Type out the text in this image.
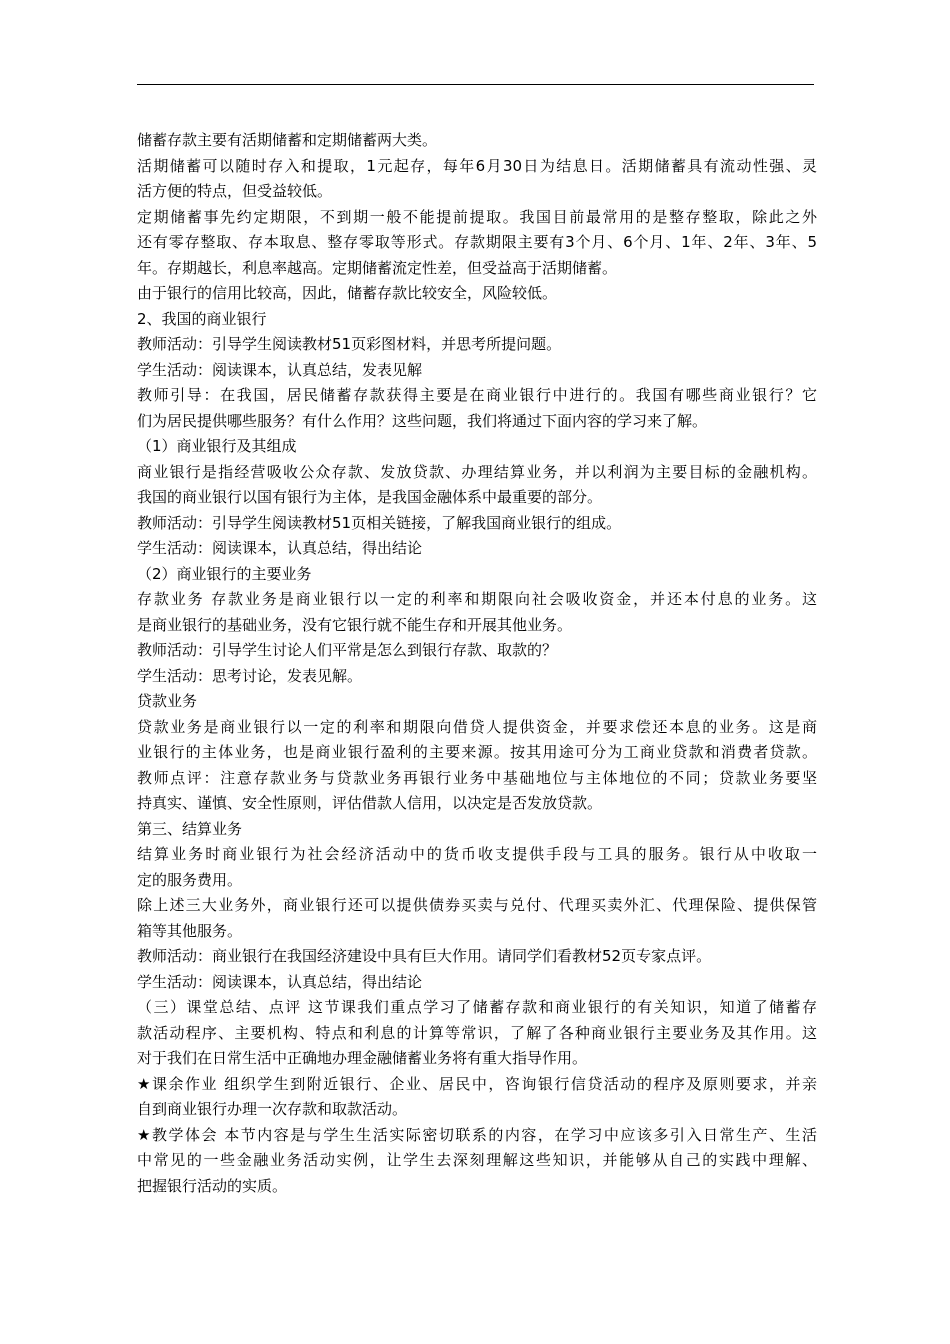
储蓄存款主要有活期储蓄和定期储蓄两大类。
活期储蓄可以随时存入和提取，1元起存，每年6月30日为结息日。活期储蓄具有流动性强、灵
活方便的特点，但受益较低。
定期储蓄事先约定期限，不到期一般不能提前提取。我国目前最常用的是整存整取，除此之外
还有零存整取、存本取息、整存零取等形式。存款期限主要有3个月、6个月、1年、2年、3年、5
年。存期越长，利息率越高。定期储蓄流定性差，但受益高于活期储蓄。
由于银行的信用比较高，因此，储蓄存款比较安全，风险较低。
2、我国的商业银行
教师活动：引导学生阅读教材51页彩图材料，并思考所提问题。
学生活动：阅读课本，认真总结，发表见解
教师引导：在我国，居民储蓄存款获得主要是在商业银行中进行的。我国有哪些商业银行？它
们为居民提供哪些服务？有什么作用？这些问题，我们将通过下面内容的学习来了解。
（1）商业银行及其组成
商业银行是指经营吸收公众存款、发放贷款、办理结算业务，并以利润为主要目标的金融机构。
我国的商业银行以国有银行为主体，是我国金融体系中最重要的部分。
教师活动：引导学生阅读教材51页相关链接，了解我国商业银行的组成。
学生活动：阅读课本，认真总结，得出结论
（2）商业银行的主要业务
存款业务 存款业务是商业银行以一定的利率和期限向社会吸收资金，并还本付息的业务。这
是商业银行的基础业务，没有它银行就不能生存和开展其他业务。
教师活动：引导学生讨论人们平常是怎么到银行存款、取款的？
学生活动：思考讨论，发表见解。
贷款业务
贷款业务是商业银行以一定的利率和期限向借贷人提供资金，并要求偿还本息的业务。这是商
业银行的主体业务，也是商业银行盈利的主要来源。按其用途可分为工商业贷款和消费者贷款。
教师点评：注意存款业务与贷款业务再银行业务中基础地位与主体地位的不同；贷款业务要坚
持真实、谨慎、安全性原则，评估借款人信用，以决定是否发放贷款。
第三、结算业务
结算业务时商业银行为社会经济活动中的货币收支提供手段与工具的服务。银行从中收取一
定的服务费用。
除上述三大业务外，商业银行还可以提供债券买卖与兑付、代理买卖外汇、代理保险、提供保管
箱等其他服务。
教师活动：商业银行在我国经济建设中具有巨大作用。请同学们看教材52页专家点评。
学生活动：阅读课本，认真总结，得出结论
（三）课堂总结、点评 这节课我们重点学习了储蓄存款和商业银行的有关知识，知道了储蓄存
款活动程序、主要机构、特点和利息的计算等常识，了解了各种商业银行主要业务及其作用。这
对于我们在日常生活中正确地办理金融储蓄业务将有重大指导作用。
★课余作业 组织学生到附近银行、企业、居民中，咨询银行信贷活动的程序及原则要求，并亲
自到商业银行办理一次存款和取款活动。
★教学体会 本节内容是与学生生活实际密切联系的内容，在学习中应该多引入日常生产、生活
中常见的一些金融业务活动实例，让学生去深刻理解这些知识，并能够从自己的实践中理解、
把握银行活动的实质。
